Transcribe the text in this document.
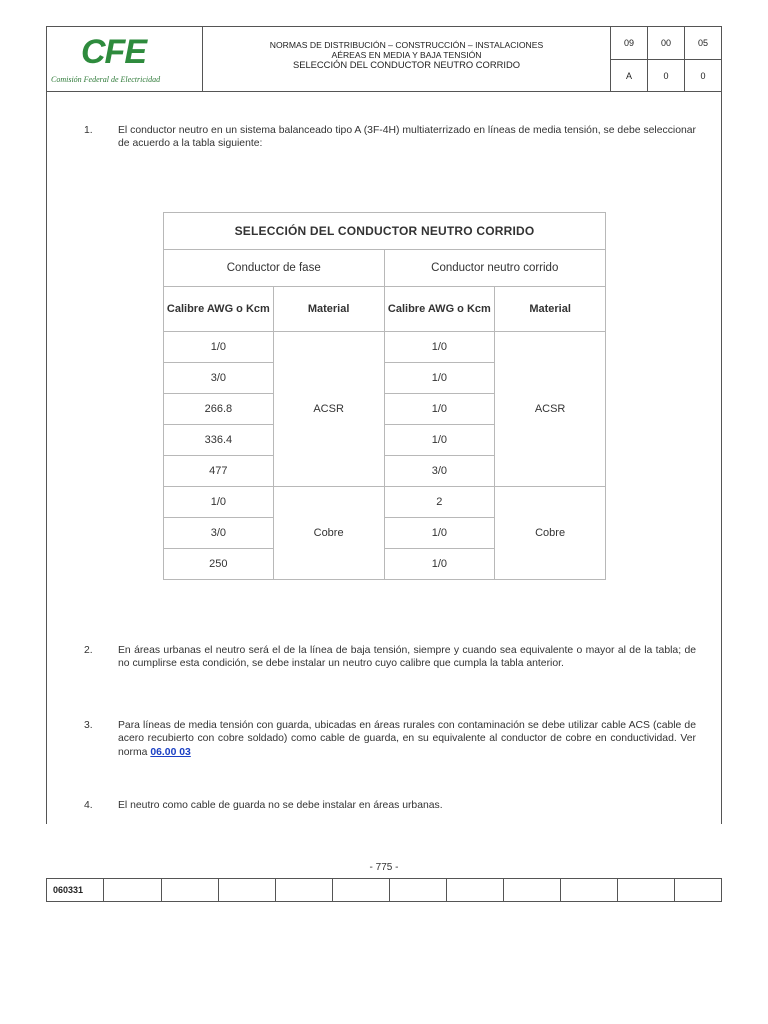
CFE
Comisión Federal de Electricidad
NORMAS DE DISTRIBUCIÓN – CONSTRUCCIÓN – INSTALACIONES
AÉREAS EN MEDIA Y BAJA TENSIÓN
SELECCIÓN DEL CONDUCTOR NEUTRO CORRIDO
09	00	05
A	0	0
1. El conductor neutro en un sistema balanceado tipo A (3F-4H) multiaterrizado en líneas de media tensión, se debe seleccionar de acuerdo a la tabla siguiente:
SELECCIÓN DEL CONDUCTOR NEUTRO CORRIDO			
Conductor de fase		Conductor neutro corrido	
Calibre AWG o Kcm	Material	Calibre AWG o Kcm	Material
1/0	ACSR	1/0	ACSR
3/0		1/0	
266.8		1/0	
336.4		1/0	
477		3/0	
1/0	Cobre	2	Cobre
3/0		1/0	
250		1/0	
2. En áreas urbanas el neutro será el de la línea de baja tensión, siempre y cuando sea equivalente o mayor al de la tabla; de no cumplirse esta condición, se debe instalar un neutro cuyo calibre que cumpla la tabla anterior.
3. Para líneas de media tensión con guarda, ubicadas en áreas rurales con contaminación se debe utilizar cable ACS (cable de acero recubierto con cobre soldado) como cable de guarda, en su equivalente al conductor de cobre en conductividad. Ver norma 06.00 03
4. El neutro como cable de guarda no se debe instalar en áreas urbanas.
- 775 -
060331
